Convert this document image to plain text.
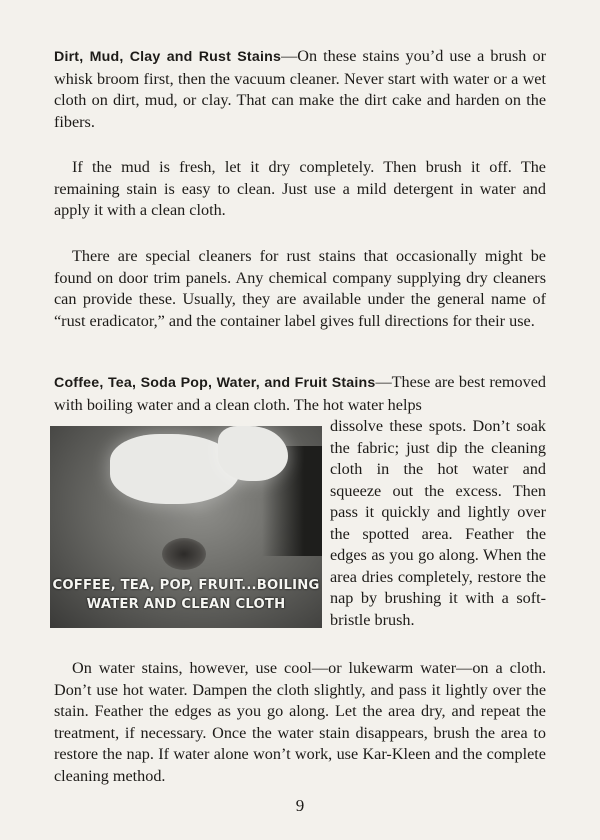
Dirt, Mud, Clay and Rust Stains—On these stains you’d use a brush or whisk broom first, then the vacuum cleaner. Never start with water or a wet cloth on dirt, mud, or clay. That can make the dirt cake and harden on the fibers.

If the mud is fresh, let it dry completely. Then brush it off. The remaining stain is easy to clean. Just use a mild detergent in water and apply it with a clean cloth.

There are special cleaners for rust stains that occasionally might be found on door trim panels. Any chemical company supplying dry cleaners can provide these. Usually, they are available under the general name of “rust eradicator,” and the container label gives full directions for their use.

Coffee, Tea, Soda Pop, Water, and Fruit Stains—These are best removed with boiling water and a clean cloth. The hot water helps

COFFEE, TEA, POP, FRUIT...BOILING
WATER AND CLEAN CLOTH

dissolve these spots. Don’t soak the fabric; just dip the cleaning cloth in the hot water and squeeze out the excess. Then pass it quickly and lightly over the spotted area. Feather the edges as you go along. When the area dries completely, restore the nap by brushing it with a soft-bristle brush.

On water stains, however, use cool—or lukewarm water—on a cloth. Don’t use hot water. Dampen the cloth slightly, and pass it lightly over the stain. Feather the edges as you go along. Let the area dry, and repeat the treatment, if necessary. Once the water stain disappears, brush the area to restore the nap. If water alone won’t work, use Kar-Kleen and the complete cleaning method.

9
